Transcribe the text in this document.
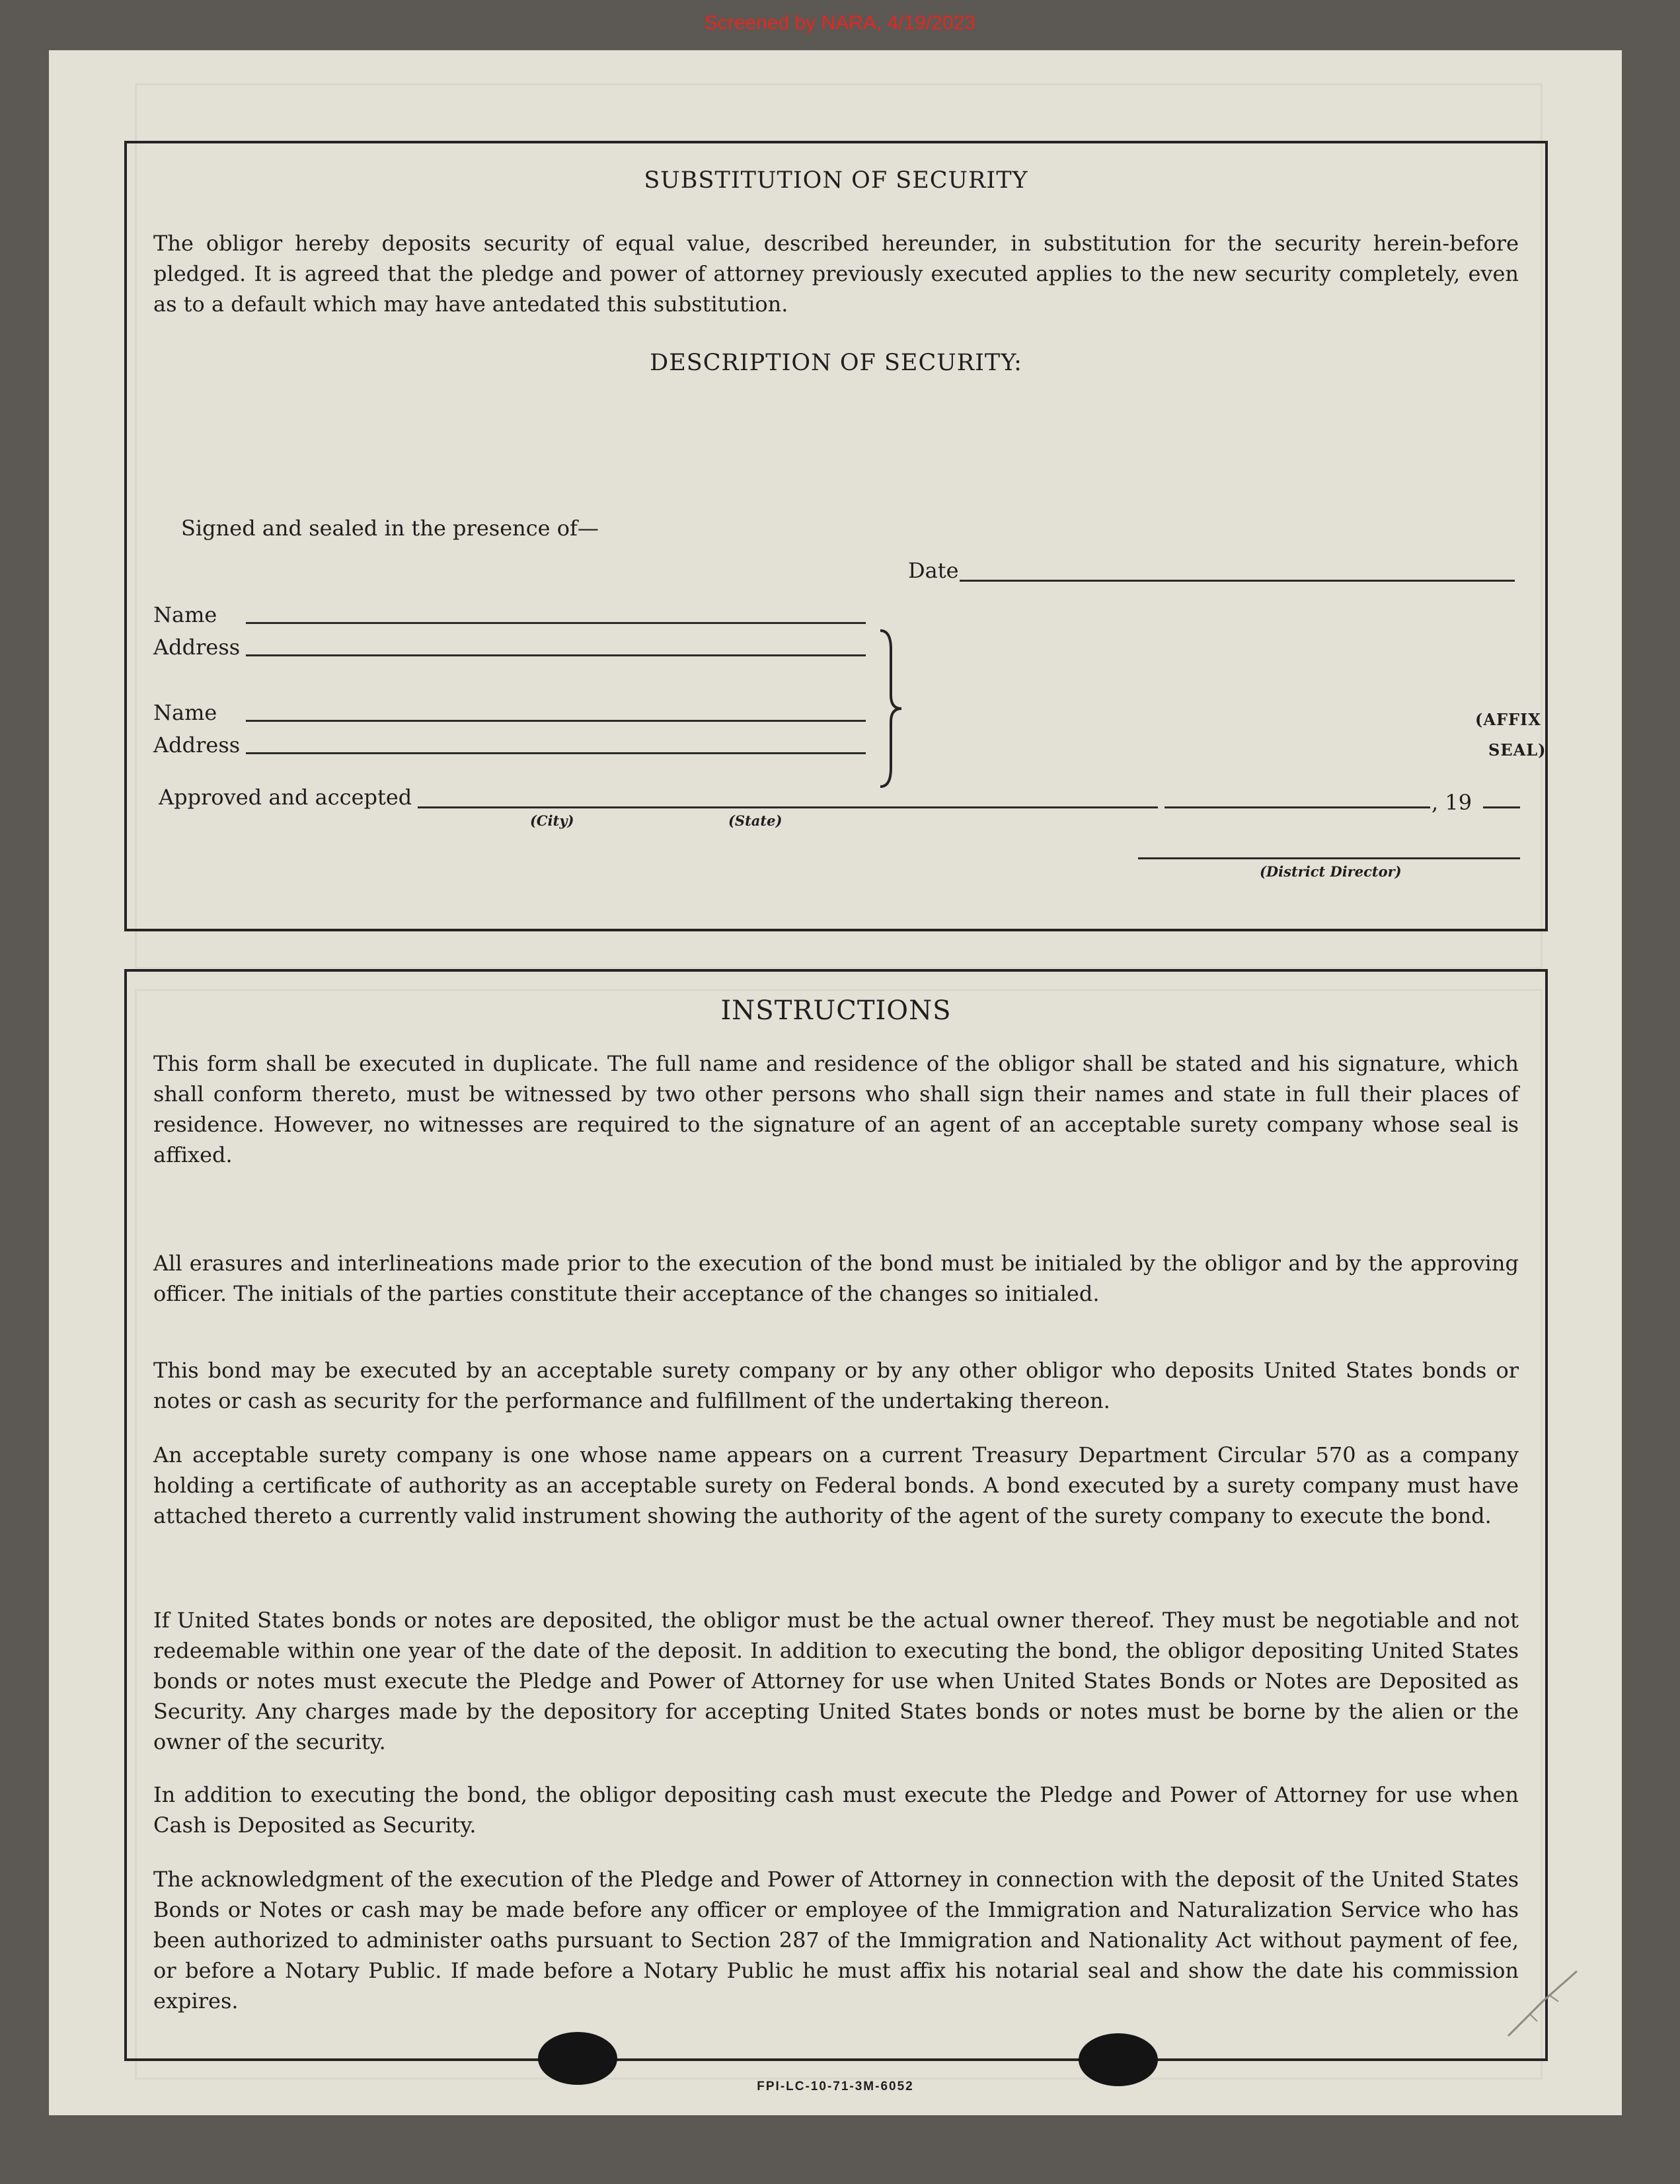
Screened by NARA, 4/19/2023
SUBSTITUTION OF SECURITY

The obligor hereby deposits security of equal value, described hereunder, in substitution for the security herein-before pledged. It is agreed that the pledge and power of attorney previously executed applies to the new security completely, even as to a default which may have antedated this substitution.

DESCRIPTION OF SECURITY:
Signed and sealed in the presence of—
Date
Name
Address
Name
Address
(AFFIX
SEAL)
Approved and accepted
(City)	(State)
, 19
(District Director)
INSTRUCTIONS

This form shall be executed in duplicate. The full name and residence of the obligor shall be stated and his signature, which shall conform thereto, must be witnessed by two other persons who shall sign their names and state in full their places of residence. However, no witnesses are required to the signature of an agent of an acceptable surety company whose seal is affixed.

All erasures and interlineations made prior to the execution of the bond must be initialed by the obligor and by the approving officer. The initials of the parties constitute their acceptance of the changes so initialed.

This bond may be executed by an acceptable surety company or by any other obligor who deposits United States bonds or notes or cash as security for the performance and fulfillment of the undertaking thereon.

An acceptable surety company is one whose name appears on a current Treasury Department Circular 570 as a company holding a certificate of authority as an acceptable surety on Federal bonds. A bond executed by a surety company must have attached thereto a currently valid instrument showing the authority of the agent of the surety company to execute the bond.

If United States bonds or notes are deposited, the obligor must be the actual owner thereof. They must be negotiable and not redeemable within one year of the date of the deposit. In addition to executing the bond, the obligor depositing United States bonds or notes must execute the Pledge and Power of Attorney for use when United States Bonds or Notes are Deposited as Security. Any charges made by the depository for accepting United States bonds or notes must be borne by the alien or the owner of the security.

In addition to executing the bond, the obligor depositing cash must execute the Pledge and Power of Attorney for use when Cash is Deposited as Security.

The acknowledgment of the execution of the Pledge and Power of Attorney in connection with the deposit of the United States Bonds or Notes or cash may be made before any officer or employee of the Immigration and Naturalization Service who has been authorized to administer oaths pursuant to Section 287 of the Immigration and Nationality Act without payment of fee, or before a Notary Public. If made before a Notary Public he must affix his notarial seal and show the date his commission expires.

FPI-LC-10-71-3M-6052
